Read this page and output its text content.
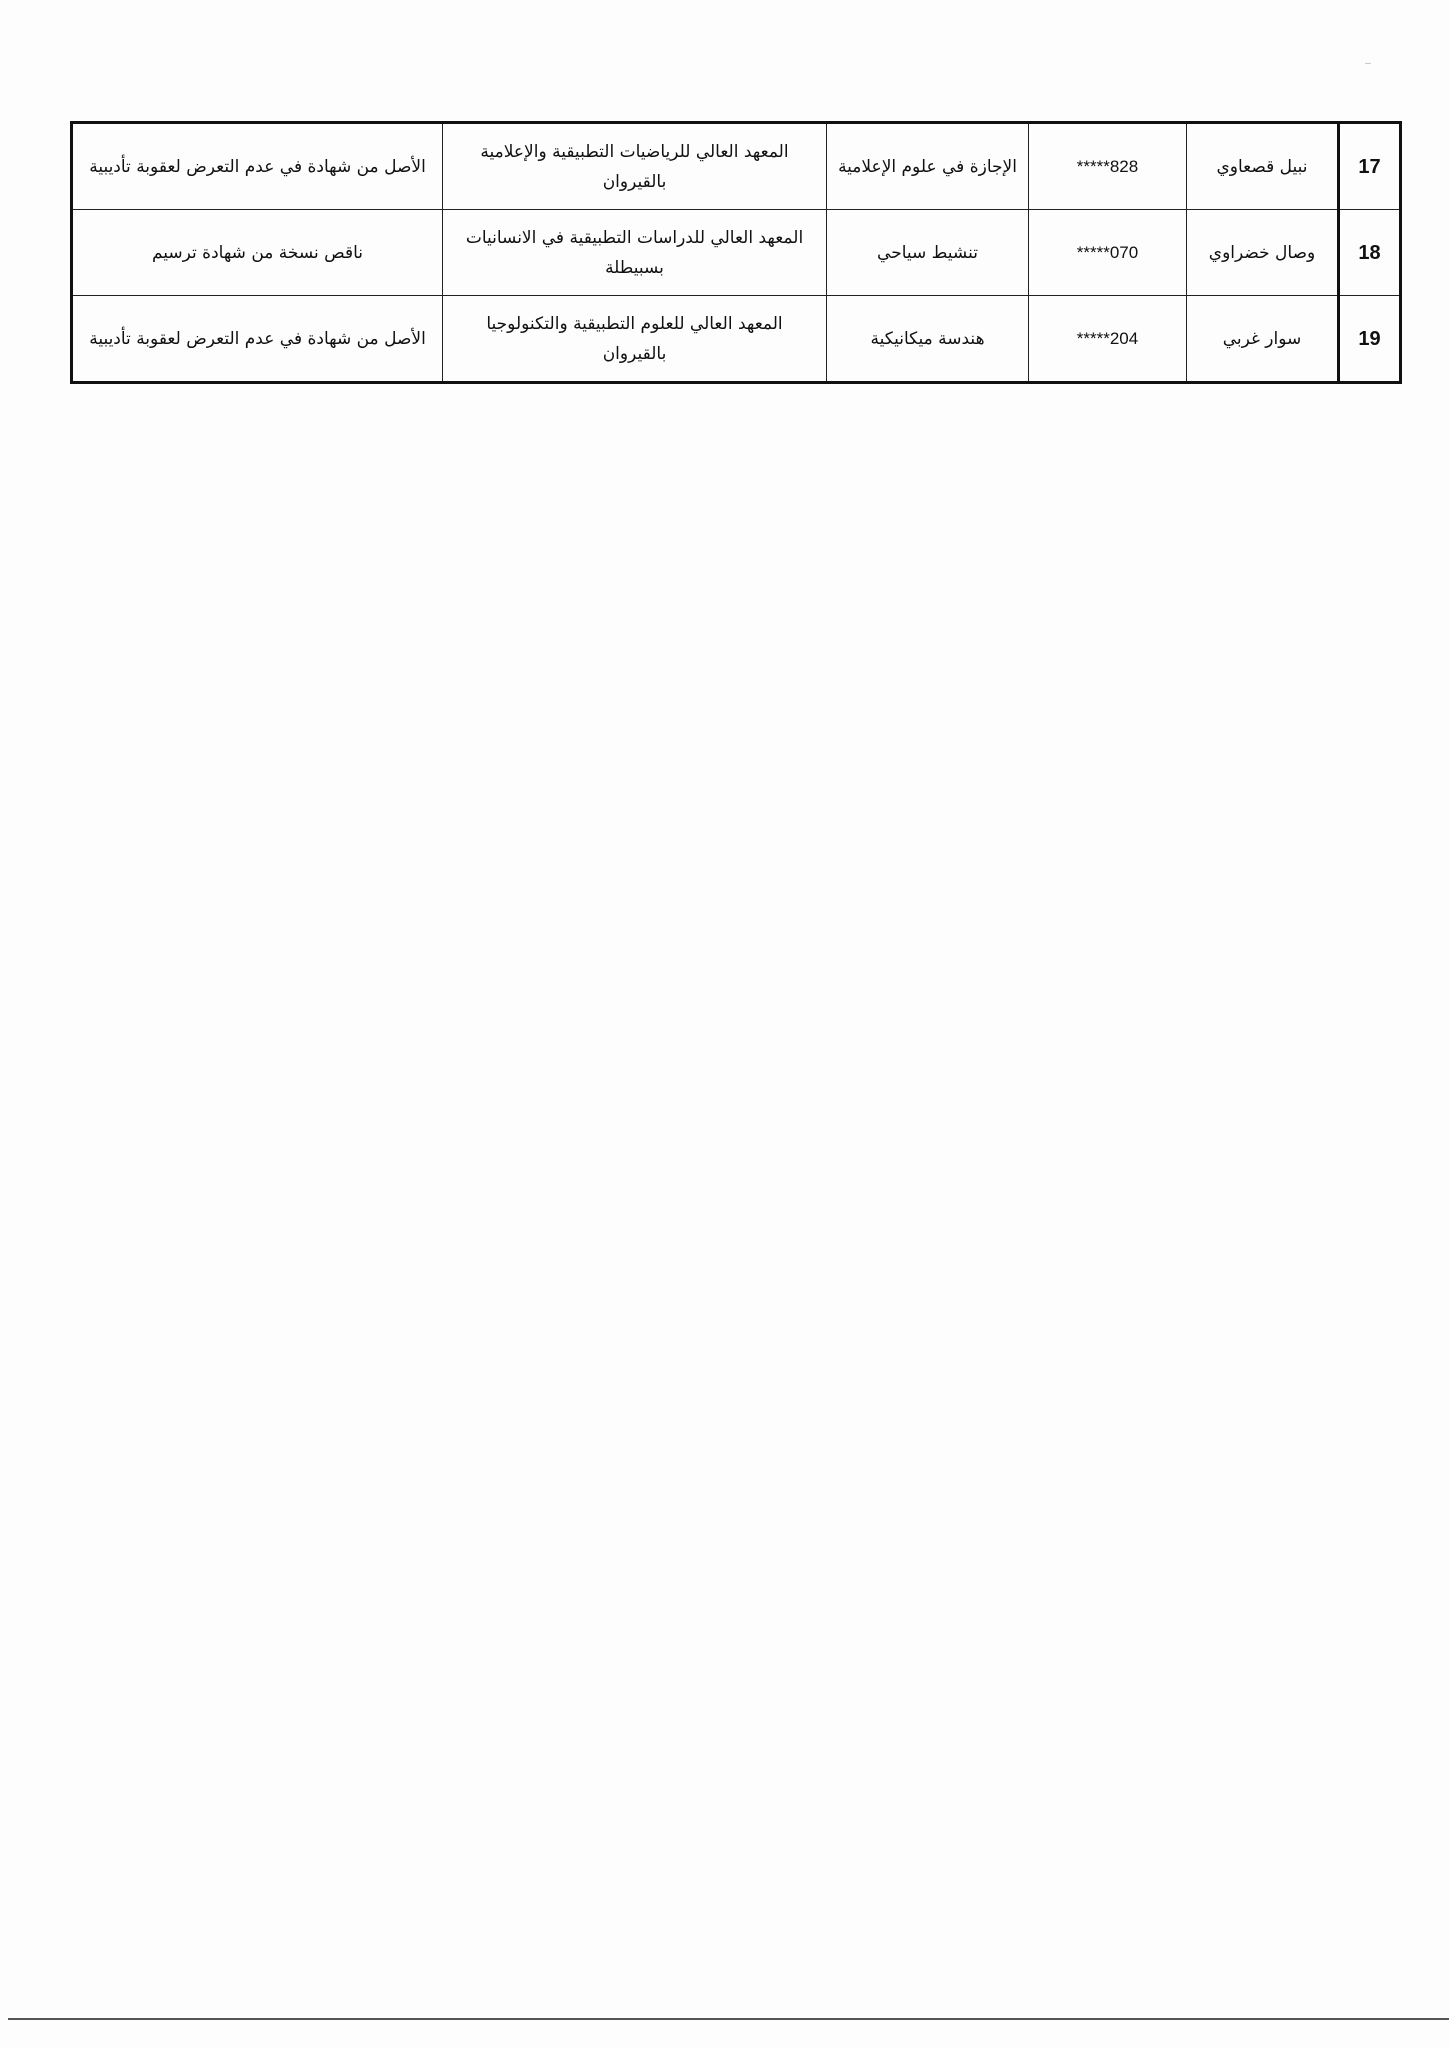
17	نبيل قصعاوي	*****828	الإجازة في علوم الإعلامية	المعهد العالي للرياضيات التطبيقية والإعلامية بالقيروان	الأصل من شهادة في عدم التعرض لعقوبة تأديبية
18	وصال خضراوي	*****070	تنشيط سياحي	المعهد العالي للدراسات التطبيقية في الانسانيات بسبيطلة	ناقص نسخة من شهادة ترسيم
19	سوار غربي	*****204	هندسة ميكانيكية	المعهد العالي للعلوم التطبيقية والتكنولوجيا بالقيروان	الأصل من شهادة في عدم التعرض لعقوبة تأديبية
